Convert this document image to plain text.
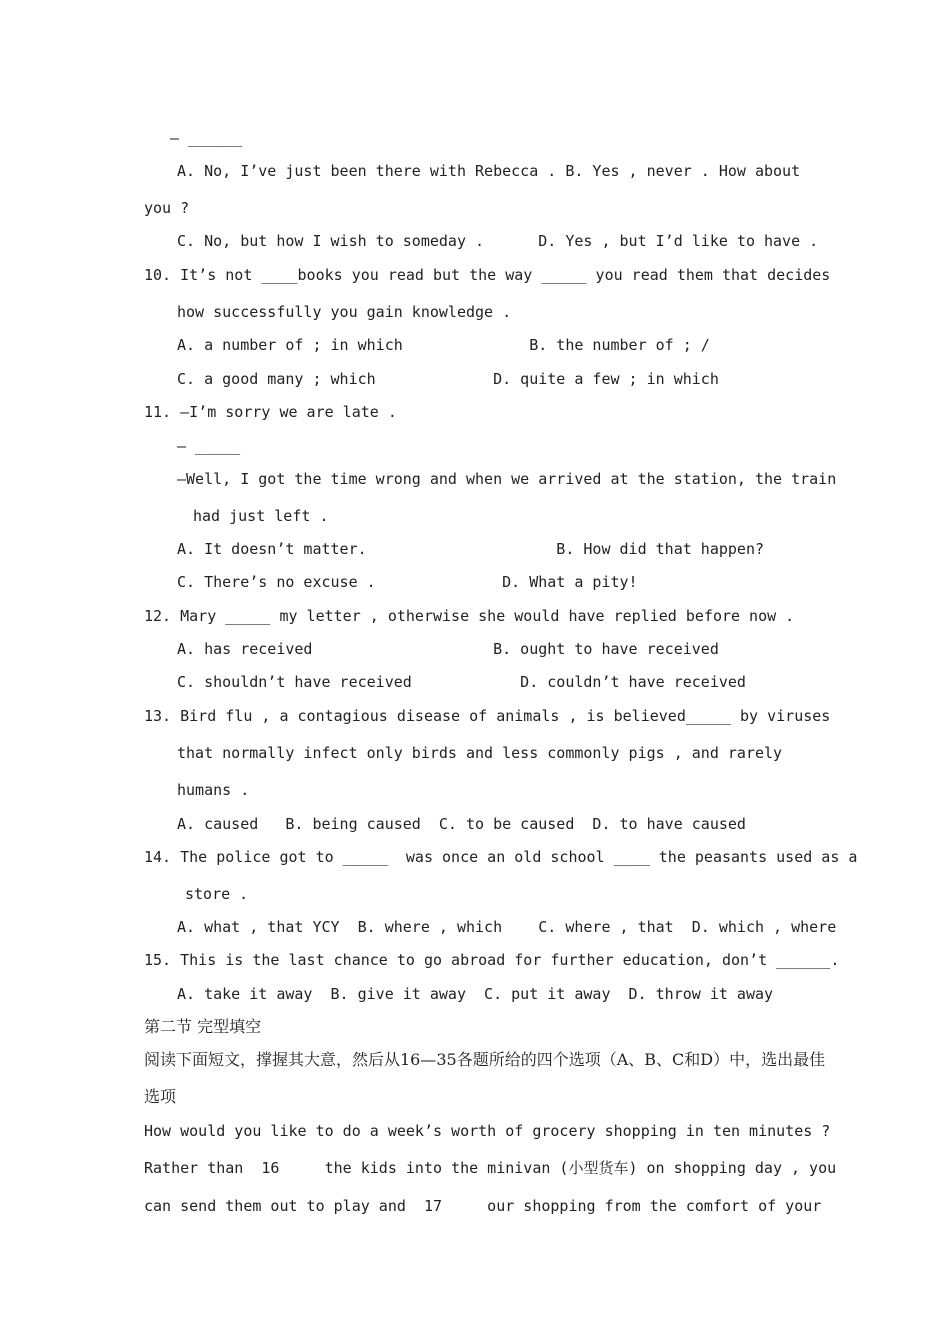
— ______
A. No, I’ve just been there with Rebecca . B. Yes , never . How about
you ?
C. No, but how I wish to someday .      D. Yes , but I’d like to have .
10. It’s not ____books you read but the way _____ you read them that decides
how successfully you gain knowledge .
A. a number of ; in which              B. the number of ; /
C. a good many ; which             D. quite a few ; in which
11. —I’m sorry we are late .
— _____
—Well, I got the time wrong and when we arrived at the station, the train
had just left .
A. It doesn’t matter.                     B. How did that happen?
C. There’s no excuse .              D. What a pity!
12. Mary _____ my letter , otherwise she would have replied before now .
A. has received                    B. ought to have received
C. shouldn’t have received            D. couldn’t have received
13. Bird flu , a contagious disease of animals , is believed_____ by viruses
that normally infect only birds and less commonly pigs , and rarely
humans .
A. caused   B. being caused  C. to be caused  D. to have caused
14. The police got to _____  was once an old school ____ the peasants used as a
store .
A. what , that YCY  B. where , which    C. where , that  D. which , where
15. This is the last chance to go abroad for further education, don’t ______.
A. take it away  B. give it away  C. put it away  D. throw it away
第二节 完型填空
阅读下面短文，撑握其大意，然后从16—35各题所给的四个选项（A、B、C和D）中，选出最佳
选项
How would you like to do a week’s worth of grocery shopping in ten minutes ?
Rather than  16     the kids into the minivan (小型货车) on shopping day , you
can send them out to play and  17     our shopping from the comfort of your
